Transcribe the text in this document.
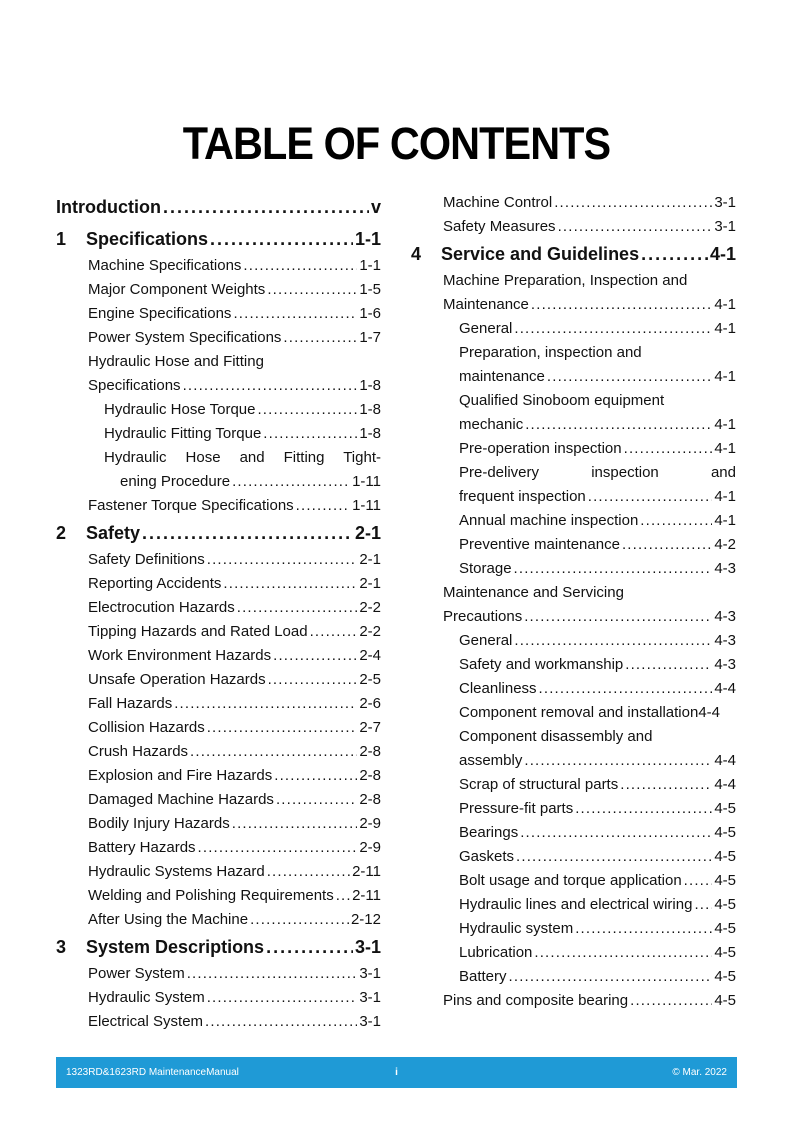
TABLE OF CONTENTS
Introduction . . .	v
1 Specifications . . .	1-1
Machine Specifications . . .	1-1
Major Component Weights . . .	1-5
Engine Specifications . . .	1-6
Power System Specifications . . .	1-7
Hydraulic Hose and Fitting
Specifications . . .	1-8
Hydraulic Hose Torque . . .	1-8
Hydraulic Fitting Torque . . .	1-8
Hydraulic Hose and Fitting Tight-
ening Procedure . . .	1-11
Fastener Torque Specifications . . .	1-11
2 Safety . . .	2-1
Safety Definitions . . .	2-1
Reporting Accidents . . .	2-1
Electrocution Hazards . . .	2-2
Tipping Hazards and Rated Load . . .	2-2
Work Environment Hazards . . .	2-4
Unsafe Operation Hazards . . .	2-5
Fall Hazards . . .	2-6
Collision Hazards . . .	2-7
Crush Hazards . . .	2-8
Explosion and Fire Hazards . . .	2-8
Damaged Machine Hazards . . .	2-8
Bodily Injury Hazards . . .	2-9
Battery Hazards . . .	2-9
Hydraulic Systems Hazard . . .	2-11
Welding and Polishing Requirements . . . 2-11
After Using the Machine . . .	2-12
3 System Descriptions . . .	3-1
Power System . . .	3-1
Hydraulic System . . .	3-1
Electrical System . . .	3-1
Machine Control . . .	3-1
Safety Measures . . .	3-1
4 Service and Guidelines . . .	4-1
Machine Preparation, Inspection and
Maintenance . . .	4-1
General . . .	4-1
Preparation, inspection and
maintenance . . .	4-1
Qualified Sinoboom equipment
mechanic . . .	4-1
Pre-operation inspection . . .	4-1
Pre-delivery inspection and
frequent inspection . . .	4-1
Annual machine inspection . . .	4-1
Preventive maintenance . . .	4-2
Storage . . .	4-3
Maintenance and Servicing
Precautions . . .	4-3
General . . .	4-3
Safety and workmanship . . .	4-3
Cleanliness . . .	4-4
Component removal and installation 4-4
Component disassembly and
assembly . . .	4-4
Scrap of structural parts . . .	4-4
Pressure-fit parts . . .	4-5
Bearings . . .	4-5
Gaskets . . .	4-5
Bolt usage and torque application . . . 4-5
Hydraulic lines and electrical wiring . . . 4-5
Hydraulic system . . .	4-5
Lubrication . . .	4-5
Battery . . .	4-5
Pins and composite bearing . . .	4-5
1323RD&1623RD MaintenanceManual	i	© Mar. 2022
